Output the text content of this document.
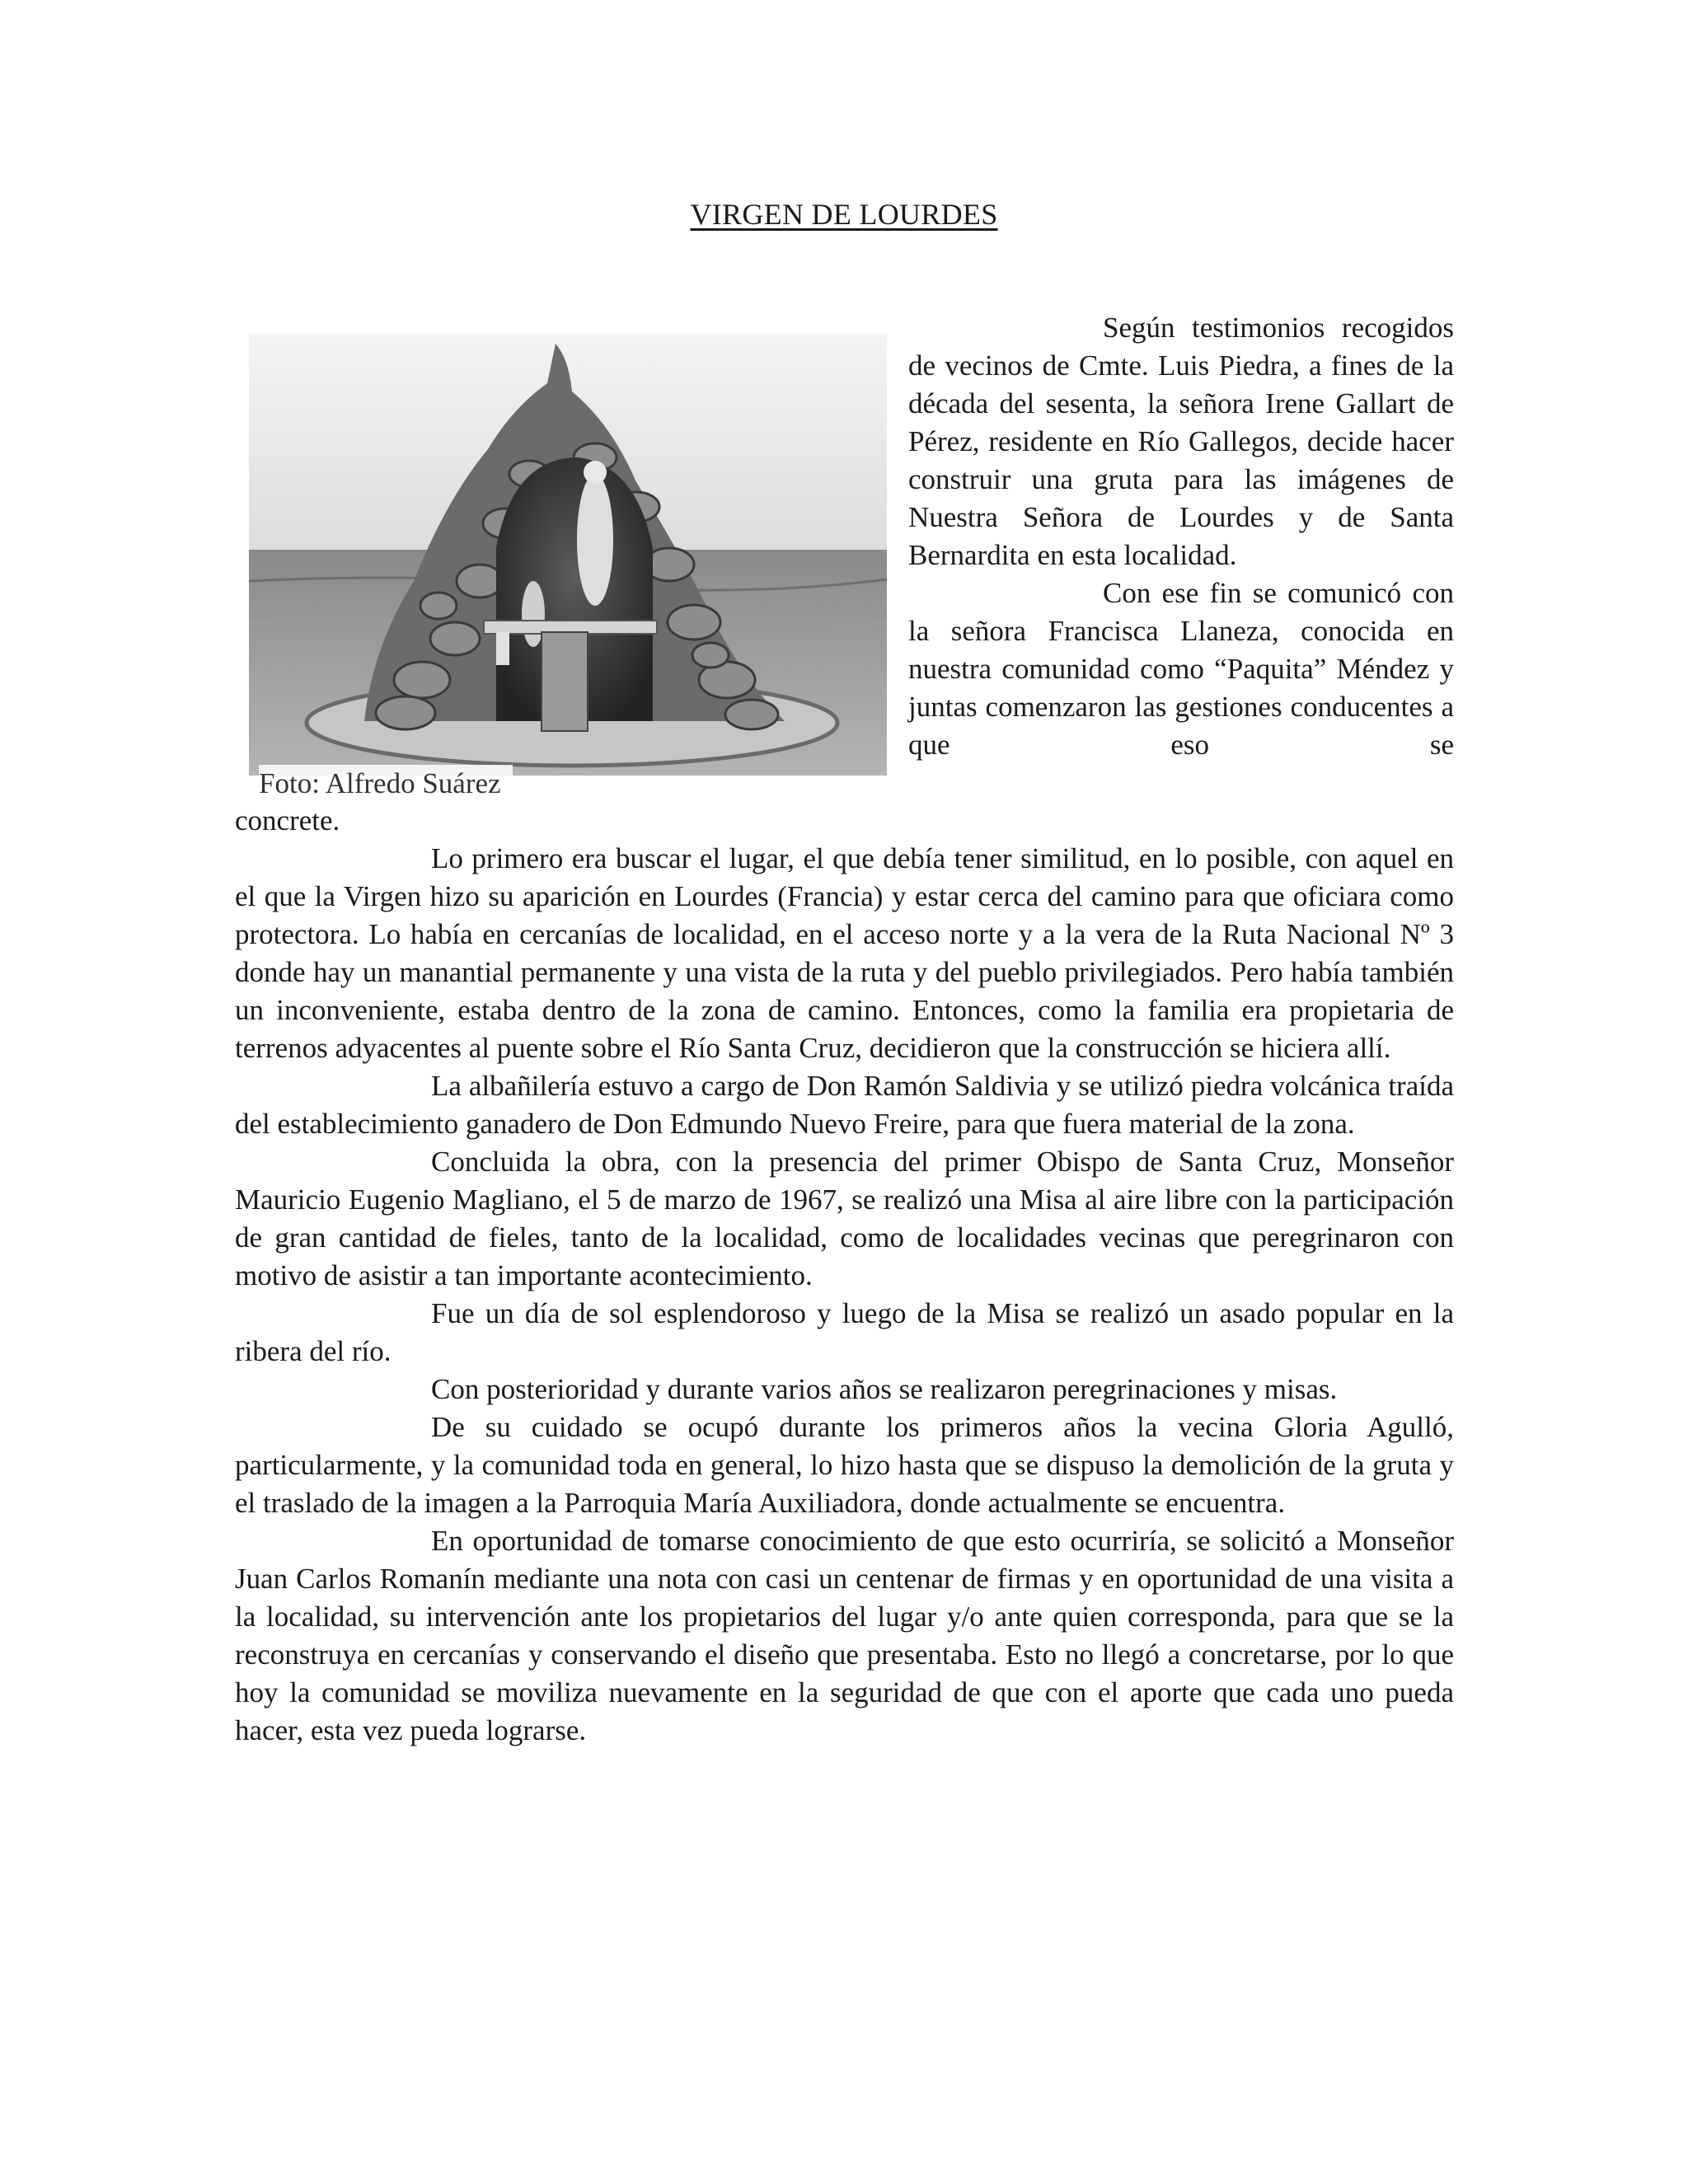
VIRGEN DE LOURDES
Foto: Alfredo Suárez

Según testimonios recogidos de vecinos de Cmte. Luis Piedra, a fines de la década del sesenta, la señora Irene Gallart de Pérez, residente en Río Gallegos, decide hacer construir una gruta para las imágenes de Nuestra Señora de Lourdes y de Santa Bernardita en esta localidad.

Con ese fin se comunicó con la señora Francisca Llaneza, conocida en nuestra comunidad como “Paquita” Méndez y juntas comenzaron las gestiones conducentes a que eso se

concrete.

Lo primero era buscar el lugar, el que debía tener similitud, en lo posible, con aquel en el que la Virgen hizo su aparición en Lourdes (Francia) y estar cerca del camino para que oficiara como protectora. Lo había en cercanías de localidad, en el acceso norte y a la vera de la Ruta Nacional Nº 3 donde hay un manantial permanente y una vista de la ruta y del pueblo privilegiados. Pero había también un inconveniente, estaba dentro de la zona de camino. Entonces, como la familia era propietaria de terrenos adyacentes al puente sobre el Río Santa Cruz, decidieron que la construcción se hiciera allí.

La albañilería estuvo a cargo de Don Ramón Saldivia y se utilizó piedra volcánica traída del establecimiento ganadero de Don Edmundo Nuevo Freire, para que fuera material de la zona.

Concluida la obra, con la presencia del primer Obispo de Santa Cruz, Monseñor Mauricio Eugenio Magliano, el 5 de marzo de 1967, se realizó una Misa al aire libre con la participación de gran cantidad de fieles, tanto de la localidad, como de localidades vecinas que peregrinaron con motivo de asistir a tan importante acontecimiento.

Fue un día de sol esplendoroso y luego de la Misa se realizó un asado popular en la ribera del río.

Con posterioridad y durante varios años se realizaron peregrinaciones y misas.

De su cuidado se ocupó durante los primeros años la vecina Gloria Agulló, particularmente, y la comunidad toda en general, lo hizo hasta que se dispuso la demolición de la gruta y el traslado de la imagen a la Parroquia María Auxiliadora, donde actualmente se encuentra.

En oportunidad de tomarse conocimiento de que esto ocurriría, se solicitó a Monseñor Juan Carlos Romanín mediante una nota con casi un centenar de firmas y en oportunidad de una visita a la localidad, su intervención ante los propietarios del lugar y/o ante quien corresponda, para que se la reconstruya en cercanías y conservando el diseño que presentaba. Esto no llegó a concretarse, por lo que hoy la comunidad se moviliza nuevamente en la seguridad de que con el aporte que cada uno pueda hacer, esta vez pueda lograrse.
